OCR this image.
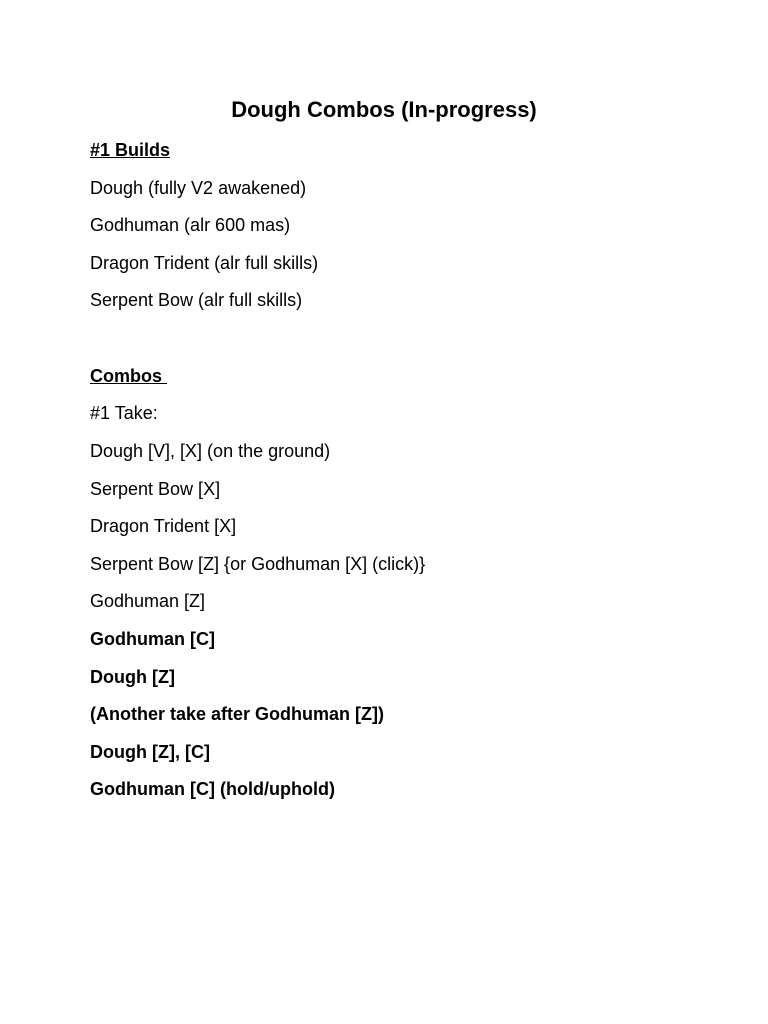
Dough Combos (In-progress)
#1 Builds
Dough (fully V2 awakened)
Godhuman (alr 600 mas)
Dragon Trident (alr full skills)
Serpent Bow (alr full skills)
Combos
#1 Take:
Dough [V], [X] (on the ground)
Serpent Bow [X]
Dragon Trident [X]
Serpent Bow [Z] {or Godhuman [X] (click)}
Godhuman [Z]
Godhuman [C]
Dough [Z]
(Another take after Godhuman [Z])
Dough [Z], [C]
Godhuman [C] (hold/uphold)
